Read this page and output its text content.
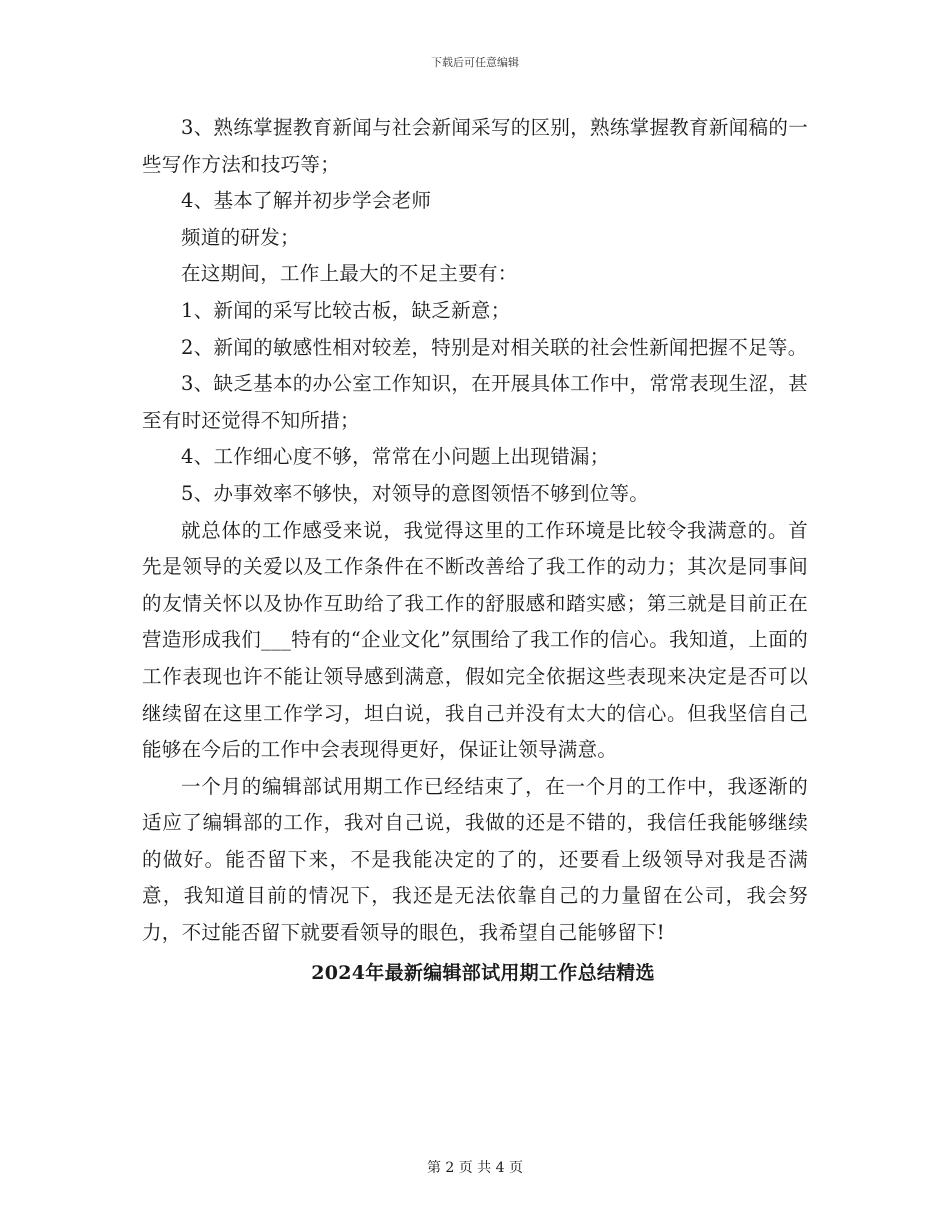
下载后可任意编辑

3、熟练掌握教育新闻与社会新闻采写的区别，熟练掌握教育新闻稿的一些写作方法和技巧等；

4、基本了解并初步学会老师

频道的研发；

在这期间，工作上最大的不足主要有：

1、新闻的采写比较古板，缺乏新意；

2、新闻的敏感性相对较差，特别是对相关联的社会性新闻把握不足等。

3、缺乏基本的办公室工作知识，在开展具体工作中，常常表现生涩，甚至有时还觉得不知所措；

4、工作细心度不够，常常在小问题上出现错漏；

5、办事效率不够快，对领导的意图领悟不够到位等。

就总体的工作感受来说，我觉得这里的工作环境是比较令我满意的。首先是领导的关爱以及工作条件在不断改善给了我工作的动力；其次是同事间的友情关怀以及协作互助给了我工作的舒服感和踏实感；第三就是目前正在营造形成我们___特有的“企业文化”氛围给了我工作的信心。我知道，上面的工作表现也许不能让领导感到满意，假如完全依据这些表现来决定是否可以继续留在这里工作学习，坦白说，我自己并没有太大的信心。但我坚信自己能够在今后的工作中会表现得更好，保证让领导满意。

一个月的编辑部试用期工作已经结束了，在一个月的工作中，我逐渐的适应了编辑部的工作，我对自己说，我做的还是不错的，我信任我能够继续的做好。能否留下来，不是我能决定的了的，还要看上级领导对我是否满意，我知道目前的情况下，我还是无法依靠自己的力量留在公司，我会努力，不过能否留下就要看领导的眼色，我希望自己能够留下!

2024年最新编辑部试用期工作总结精选
第 2 页 共 4 页
